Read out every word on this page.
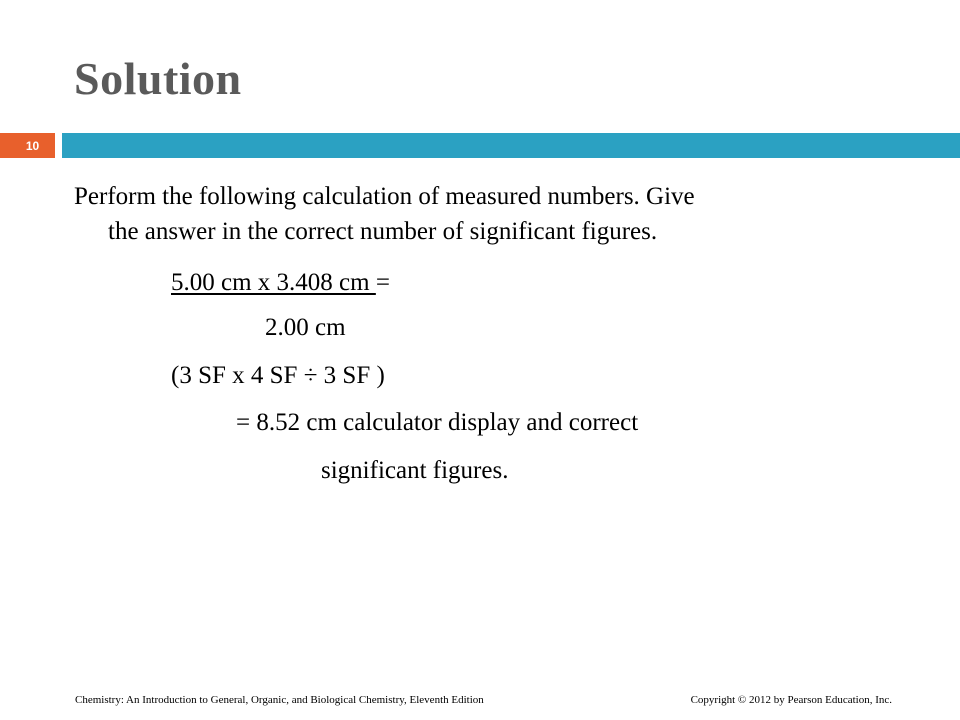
Solution
10
Perform the following calculation of measured numbers. Give
the answer in the correct number of significant figures.
5.00 cm x 3.408 cm =
2.00 cm
(3 SF x 4 SF ÷ 3 SF )
= 8.52 cm calculator display and correct
significant figures.
Chemistry: An Introduction to General, Organic, and Biological Chemistry, Eleventh Edition	Copyright © 2012 by Pearson Education, Inc.
